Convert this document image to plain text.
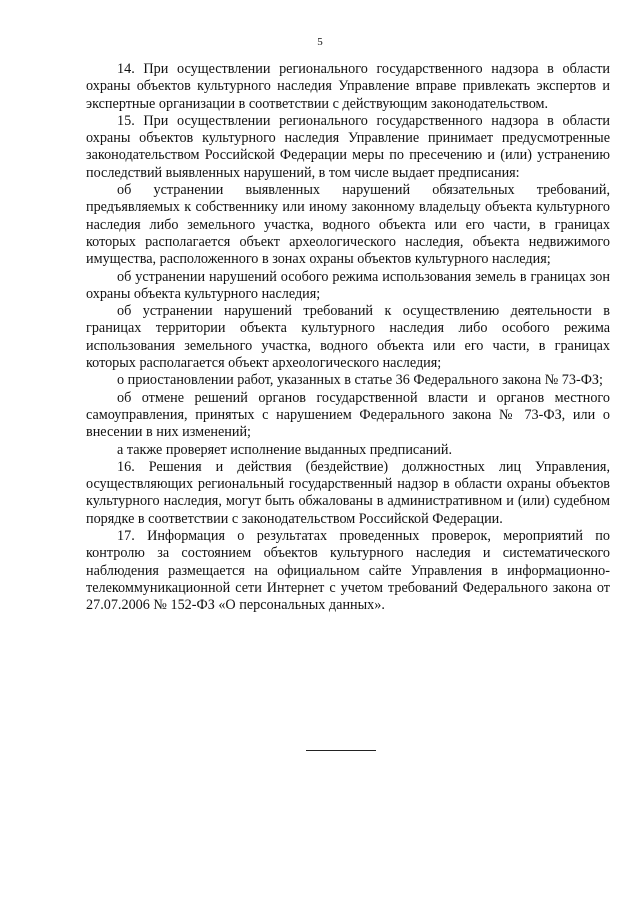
5

14. При осуществлении регионального государственного надзора в области охраны объектов культурного наследия Управление вправе привлекать экспертов и экспертные организации в соответствии с действующим законодательством.

15. При осуществлении регионального государственного надзора в области охраны объектов культурного наследия Управление принимает предусмотренные законодательством Российской Федерации меры по пресечению и (или) устранению последствий выявленных нарушений, в том числе выдает предписания:

об устранении выявленных нарушений обязательных требований, предъявляемых к собственнику или иному законному владельцу объекта культурного наследия либо земельного участка, водного объекта или его части, в границах которых располагается объект археологического наследия, объекта недвижимого имущества, расположенного в зонах охраны объектов культурного наследия;

об устранении нарушений особого режима использования земель в границах зон охраны объекта культурного наследия;

об устранении нарушений требований к осуществлению деятельности в границах территории объекта культурного наследия либо особого режима использования земельного участка, водного объекта или его части, в границах которых располагается объект археологического наследия;

о приостановлении работ, указанных в статье 36 Федерального закона № 73-ФЗ;

об отмене решений органов государственной власти и органов местного самоуправления, принятых с нарушением Федерального закона № 73-ФЗ, или о внесении в них изменений;

а также проверяет исполнение выданных предписаний.

16. Решения и действия (бездействие) должностных лиц Управления, осуществляющих региональный государственный надзор в области охраны объектов культурного наследия, могут быть обжалованы в административном и (или) судебном порядке в соответствии с законодательством Российской Федерации.

17. Информация о результатах проведенных проверок, мероприятий по контролю за состоянием объектов культурного наследия и систематического наблюдения размещается на официальном сайте Управления в информационно-телекоммуникационной сети Интернет с учетом требований Федерального закона от 27.07.2006 № 152-ФЗ «О персональных данных».
